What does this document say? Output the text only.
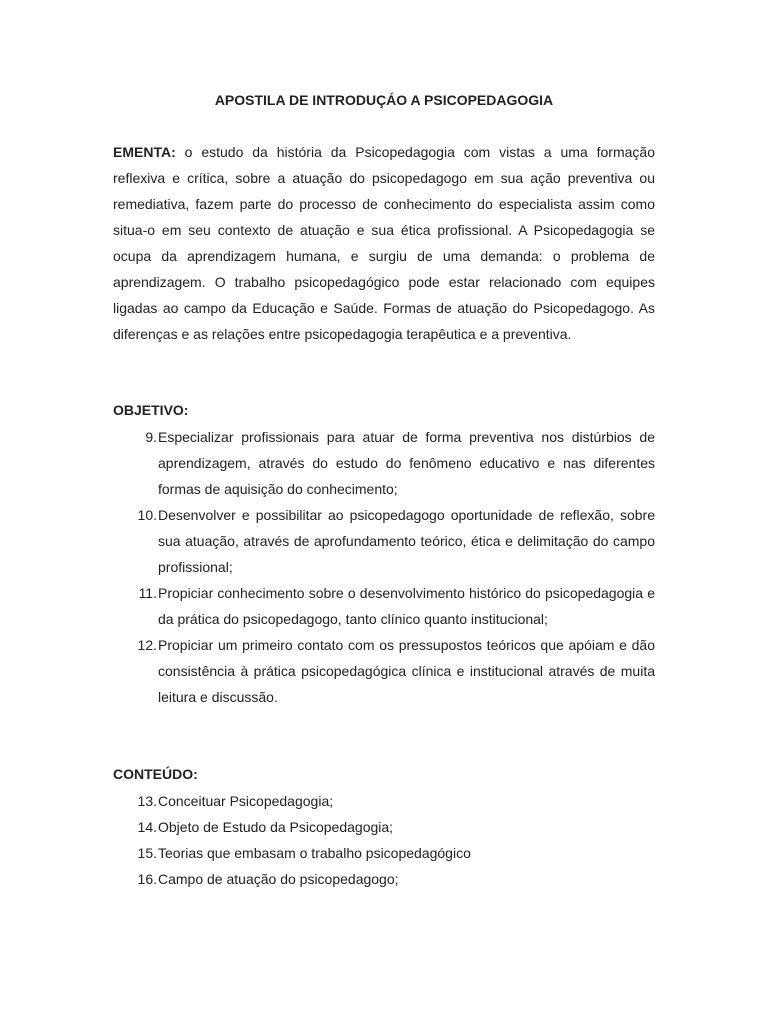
APOSTILA DE INTRODUÇÁO A PSICOPEDAGOGIA

EMENTA: o estudo da história da Psicopedagogia com vistas a uma formação reflexiva e crítica, sobre a atuação do psicopedagogo em sua ação preventiva ou remediativa, fazem parte do processo de conhecimento do especialista assim como situa-o em seu contexto de atuação e sua ética profissional. A Psicopedagogia se ocupa da aprendizagem humana, e surgiu de uma demanda: o problema de aprendizagem. O trabalho psicopedagógico pode estar relacionado com equipes ligadas ao campo da Educação e Saúde. Formas de atuação do Psicopedagogo. As diferenças e as relações entre psicopedagogia terapêutica e a preventiva.

OBJETIVO:
9. Especializar profissionais para atuar de forma preventiva nos distúrbios de aprendizagem, através do estudo do fenômeno educativo e nas diferentes formas de aquisição do conhecimento;
10. Desenvolver e possibilitar ao psicopedagogo oportunidade de reflexão, sobre sua atuação, através de aprofundamento teórico, ética e delimitação do campo profissional;
11. Propiciar conhecimento sobre o desenvolvimento histórico do psicopedagogia e da prática do psicopedagogo, tanto clínico quanto institucional;
12. Propiciar um primeiro contato com os pressupostos teóricos que apóiam e dão consistência à prática psicopedagógica clínica e institucional através de muita leitura e discussão.
CONTEÚDO:
13. Conceituar Psicopedagogia;
14. Objeto de Estudo da Psicopedagogia;
15. Teorias que embasam o trabalho psicopedagógico
16. Campo de atuação do psicopedagogo;
